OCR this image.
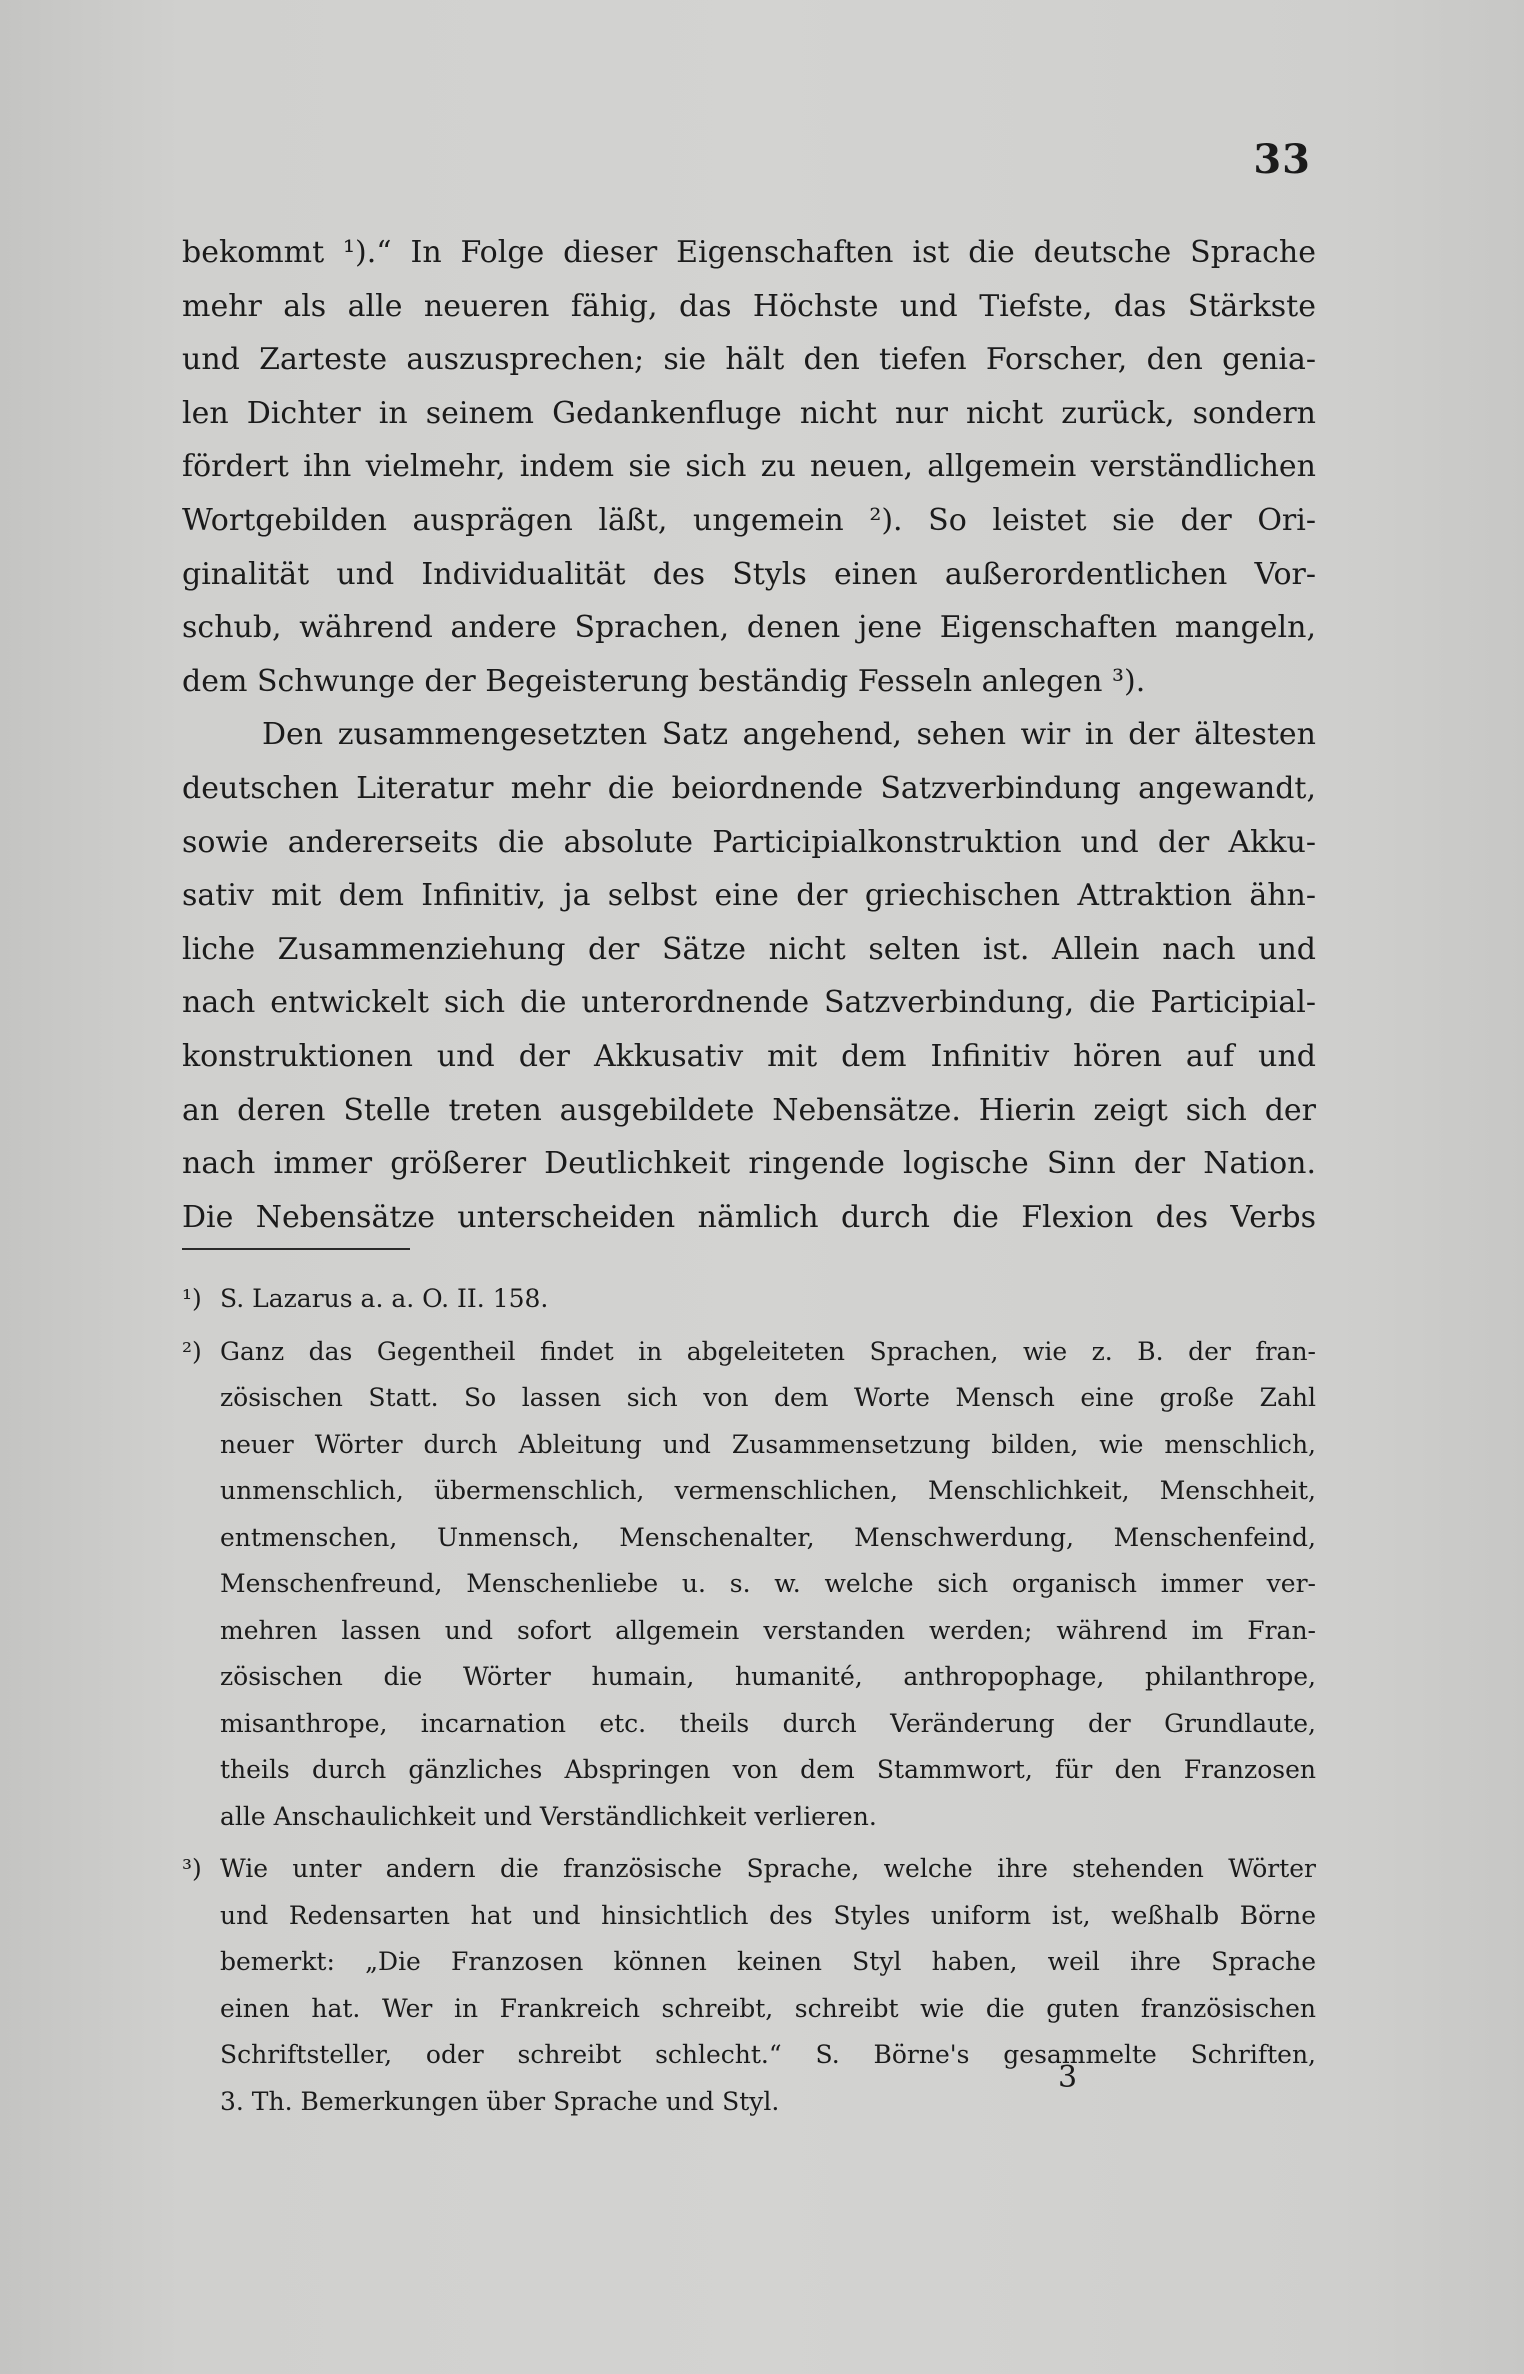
33
bekommt ¹).“ In Folge dieser Eigenschaften ist die deutsche Sprache
mehr als alle neueren fähig, das Höchste und Tiefste, das Stärkste
und Zarteste auszusprechen; sie hält den tiefen Forscher, den genia-
len Dichter in seinem Gedankenfluge nicht nur nicht zurück, sondern
fördert ihn vielmehr, indem sie sich zu neuen, allgemein verständlichen
Wortgebilden ausprägen läßt, ungemein ²). So leistet sie der Ori-
ginalität und Individualität des Styls einen außerordentlichen Vor-
schub, während andere Sprachen, denen jene Eigenschaften mangeln,
dem Schwunge der Begeisterung beständig Fesseln anlegen ³).
Den zusammengesetzten Satz angehend, sehen wir in der ältesten
deutschen Literatur mehr die beiordnende Satzverbindung angewandt,
sowie andererseits die absolute Participialkonstruktion und der Akku-
sativ mit dem Infinitiv, ja selbst eine der griechischen Attraktion ähn-
liche Zusammenziehung der Sätze nicht selten ist. Allein nach und
nach entwickelt sich die unterordnende Satzverbindung, die Participial-
konstruktionen und der Akkusativ mit dem Infinitiv hören auf und
an deren Stelle treten ausgebildete Nebensätze. Hierin zeigt sich der
nach immer größerer Deutlichkeit ringende logische Sinn der Nation.
Die Nebensätze unterscheiden nämlich durch die Flexion des Verbs
¹) S. Lazarus a. a. O. II. 158.
²) Ganz das Gegentheil findet in abgeleiteten Sprachen, wie z. B. der fran-
zösischen Statt. So lassen sich von dem Worte Mensch eine große Zahl
neuer Wörter durch Ableitung und Zusammensetzung bilden, wie menschlich,
unmenschlich, übermenschlich, vermenschlichen, Menschlichkeit, Menschheit,
entmenschen, Unmensch, Menschenalter, Menschwerdung, Menschenfeind,
Menschenfreund, Menschenliebe u. s. w. welche sich organisch immer ver-
mehren lassen und sofort allgemein verstanden werden; während im Fran-
zösischen die Wörter humain, humanité, anthropophage, philanthrope,
misanthrope, incarnation etc. theils durch Veränderung der Grundlaute,
theils durch gänzliches Abspringen von dem Stammwort, für den Franzosen
alle Anschaulichkeit und Verständlichkeit verlieren.
³) Wie unter andern die französische Sprache, welche ihre stehenden Wörter
und Redensarten hat und hinsichtlich des Styles uniform ist, weßhalb Börne
bemerkt: „Die Franzosen können keinen Styl haben, weil ihre Sprache
einen hat. Wer in Frankreich schreibt, schreibt wie die guten französischen
Schriftsteller, oder schreibt schlecht.“ S. Börne's gesammelte Schriften,
3. Th. Bemerkungen über Sprache und Styl.
3
